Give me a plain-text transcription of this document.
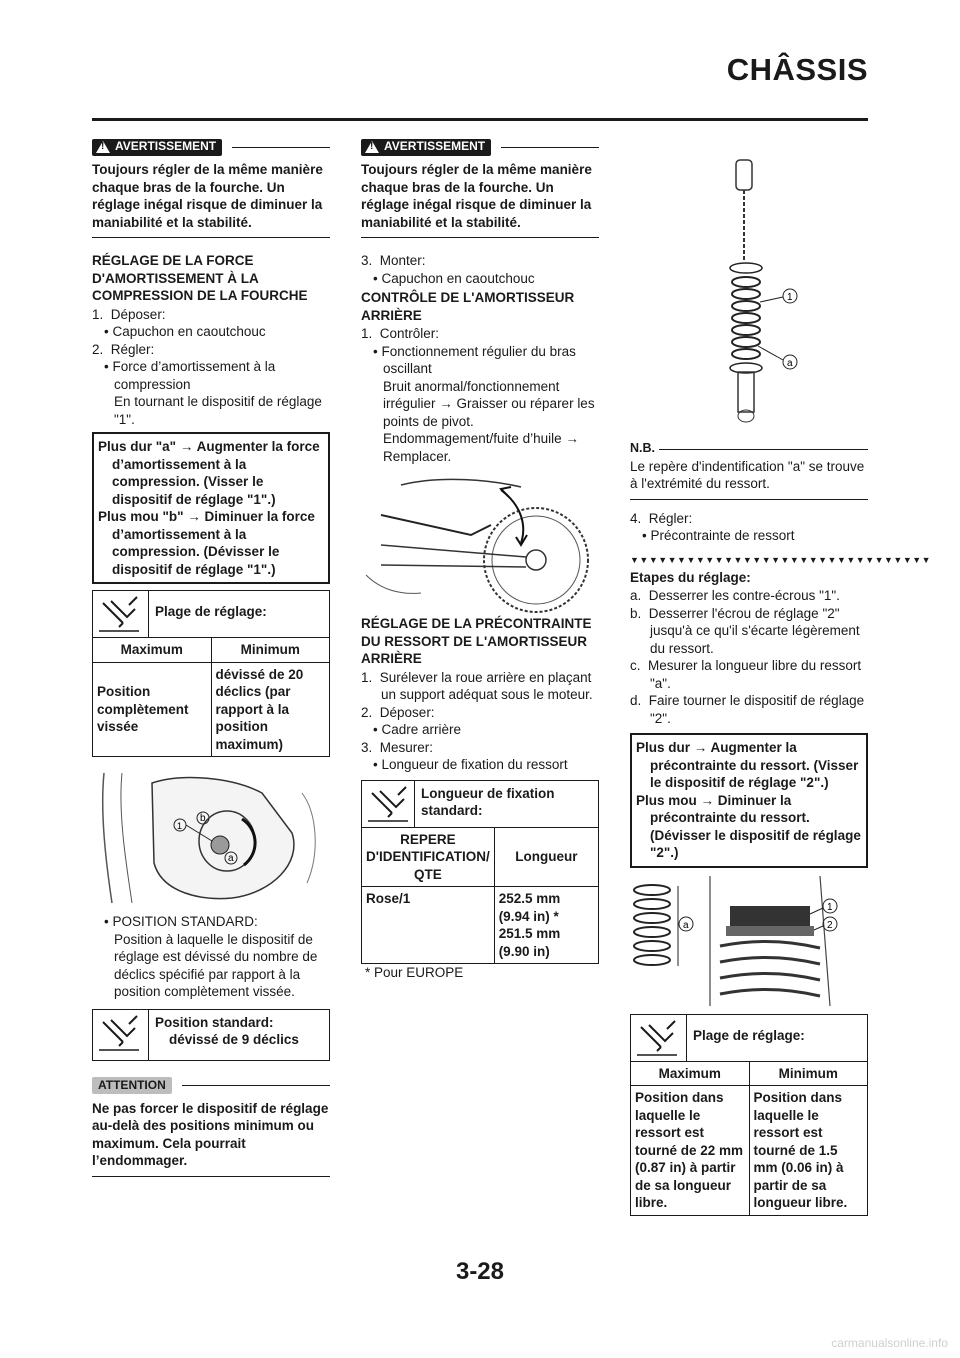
CHÂSSIS
!
AVERTISSEMENT
Toujours régler de la même manière chaque bras de la fourche. Un réglage inégal risque de diminuer la maniabilité et la stabilité.
RÉGLAGE DE LA FORCE D'AMORTISSEMENT À LA COMPRESSION DE LA FOURCHE
1. Déposer:
• Capuchon en caoutchouc
2. Régler:
• Force d’amortissement à la compression
En tournant le dispositif de réglage "1".
Plus dur "a" → Augmenter la force d’amortissement à la compression. (Visser le dispositif de réglage "1".)
Plus mou "b" → Diminuer la force d’amortissement à la compression. (Dévisser le dispositif de réglage "1".)
Plage de réglage:	

Maximum	Minimum
Position complètement vissée	dévissé de 20 déclics (par rapport à la position maximum)
1
b
a
• POSITION STANDARD:
Position à laquelle le dispositif de réglage est dévissé du nombre de déclics spécifié par rapport à la position complètement vissée.
Position standard:
dévissé de 9 déclics
ATTENTION
Ne pas forcer le dispositif de réglage au-delà des positions minimum ou maximum. Cela pourrait l’endommager.
!
AVERTISSEMENT
Toujours régler de la même manière chaque bras de la fourche. Un réglage inégal risque de diminuer la maniabilité et la stabilité.
3. Monter:
• Capuchon en caoutchouc
CONTRÔLE DE L'AMORTISSEUR ARRIÈRE
1. Contrôler:
• Fonctionnement régulier du bras oscillant
Bruit anormal/fonctionnement irrégulier → Graisser ou réparer les points de pivot.
Endommagement/fuite d’huile → Remplacer.
RÉGLAGE DE LA PRÉCONTRAINTE DU RESSORT DE L'AMORTISSEUR ARRIÈRE
1. Surélever la roue arrière en plaçant un support adéquat sous le moteur.
2. Déposer:
• Cadre arrière
3. Mesurer:
• Longueur de fixation du ressort
Longueur de fixation standard:	

REPERE D'IDENTIFICATION/ QTE	Longueur
Rose/1	252.5 mm (9.94 in) * 251.5 mm (9.90 in)
* Pour EUROPE
1
a
N.B.
Le repère d'indentification "a" se trouve à l'extrémité du ressort.
4. Régler:
• Précontrainte de ressort
▼▼▼▼▼▼▼▼▼▼▼▼▼▼▼▼▼▼▼▼▼▼▼▼▼▼▼▼▼▼▼▼
Etapes du réglage:
a. Desserrer les contre-écrous "1".
b. Desserrer l'écrou de réglage "2" jusqu'à ce qu'il s'écarte légèrement du ressort.
c. Mesurer la longueur libre du ressort "a".
d. Faire tourner le dispositif de réglage "2".
Plus dur → Augmenter la précontrainte du ressort. (Visser le dispositif de réglage "2".)
Plus mou → Diminuer la précontrainte du ressort. (Dévisser le dispositif de réglage "2".)
a
1
2
Plage de réglage:	

Maximum	Minimum
Position dans laquelle le ressort est tourné de 22 mm (0.87 in) à partir de sa longueur libre.	Position dans laquelle le ressort est tourné de 1.5 mm (0.06 in) à partir de sa longueur libre.
3-28
carmanualsonline.info
